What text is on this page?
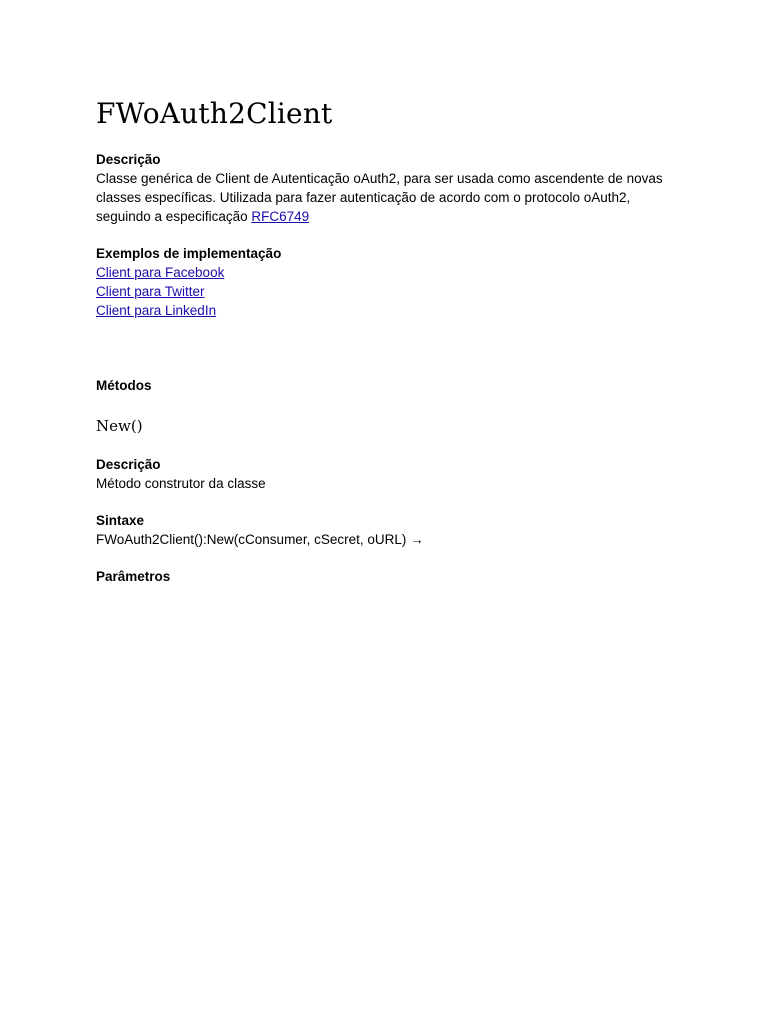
FWoAuth2Client

Descrição

Classe genérica de Client de Autenticação oAuth2, para ser usada como ascendente de novas classes específicas. Utilizada para fazer autenticação de acordo com o protocolo oAuth2, seguindo a especificação RFC6749

Exemplos de implementação

Client para Facebook
Client para Twitter
Client para LinkedIn

Métodos

New()

Descrição

Método construtor da classe

Sintaxe

FWoAuth2Client():New(cConsumer, cSecret, oURL) →

Parâmetros
